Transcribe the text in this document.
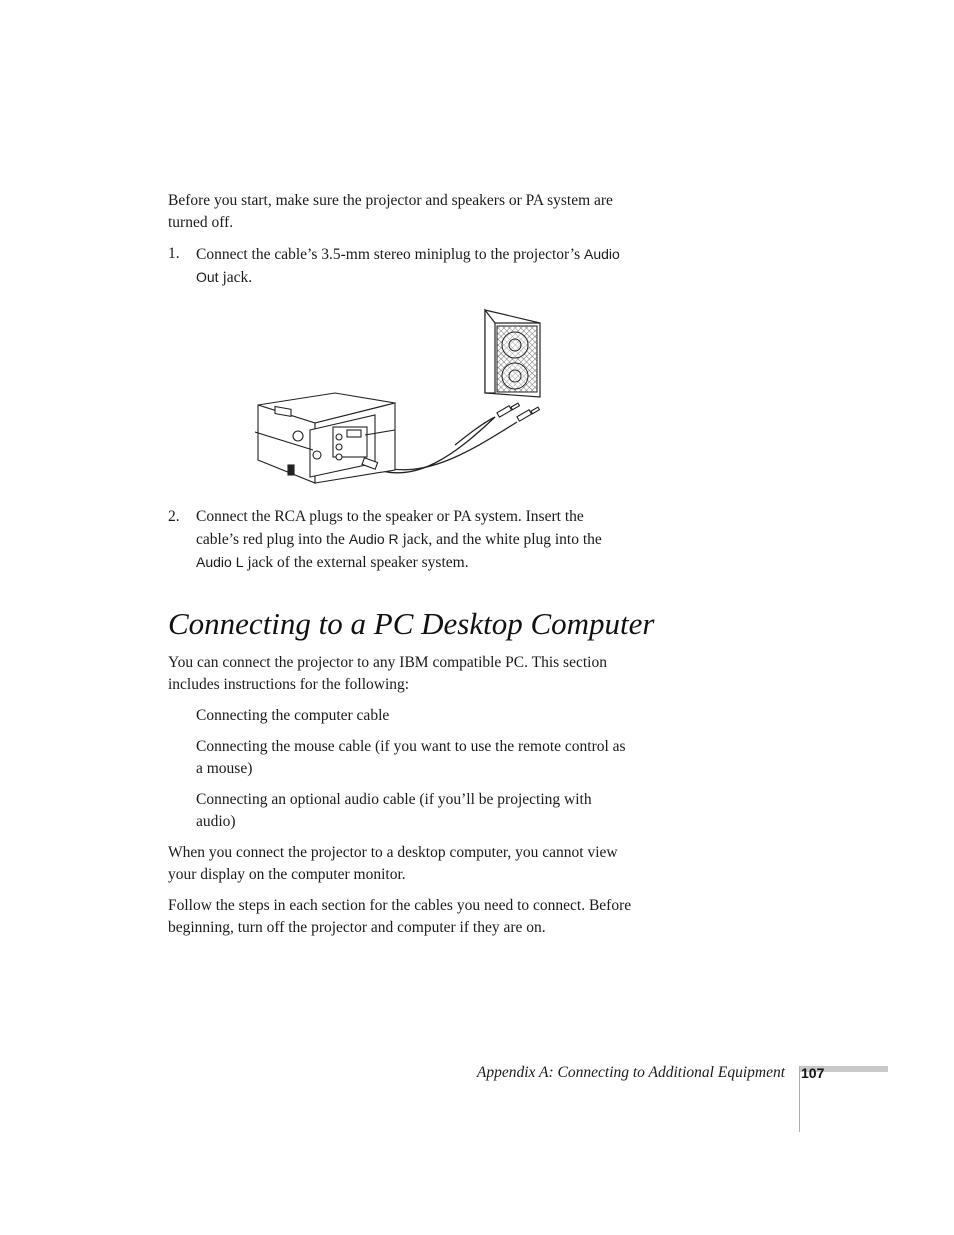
Before you start, make sure the projector and speakers or PA system are turned off.

1. Connect the cable’s 3.5-mm stereo miniplug to the projector’s Audio Out jack.
2. Connect the RCA plugs to the speaker or PA system. Insert the cable’s red plug into the Audio R jack, and the white plug into the Audio L jack of the external speaker system.
Connecting to a PC Desktop Computer

You can connect the projector to any IBM compatible PC. This section includes instructions for the following:

Connecting the computer cable
Connecting the mouse cable (if you want to use the remote control as a mouse)
Connecting an optional audio cable (if you’ll be projecting with audio)

When you connect the projector to a desktop computer, you cannot view your display on the computer monitor.

Follow the steps in each section for the cables you need to connect. Before beginning, turn off the projector and computer if they are on.

Appendix A: Connecting to Additional Equipment 107
